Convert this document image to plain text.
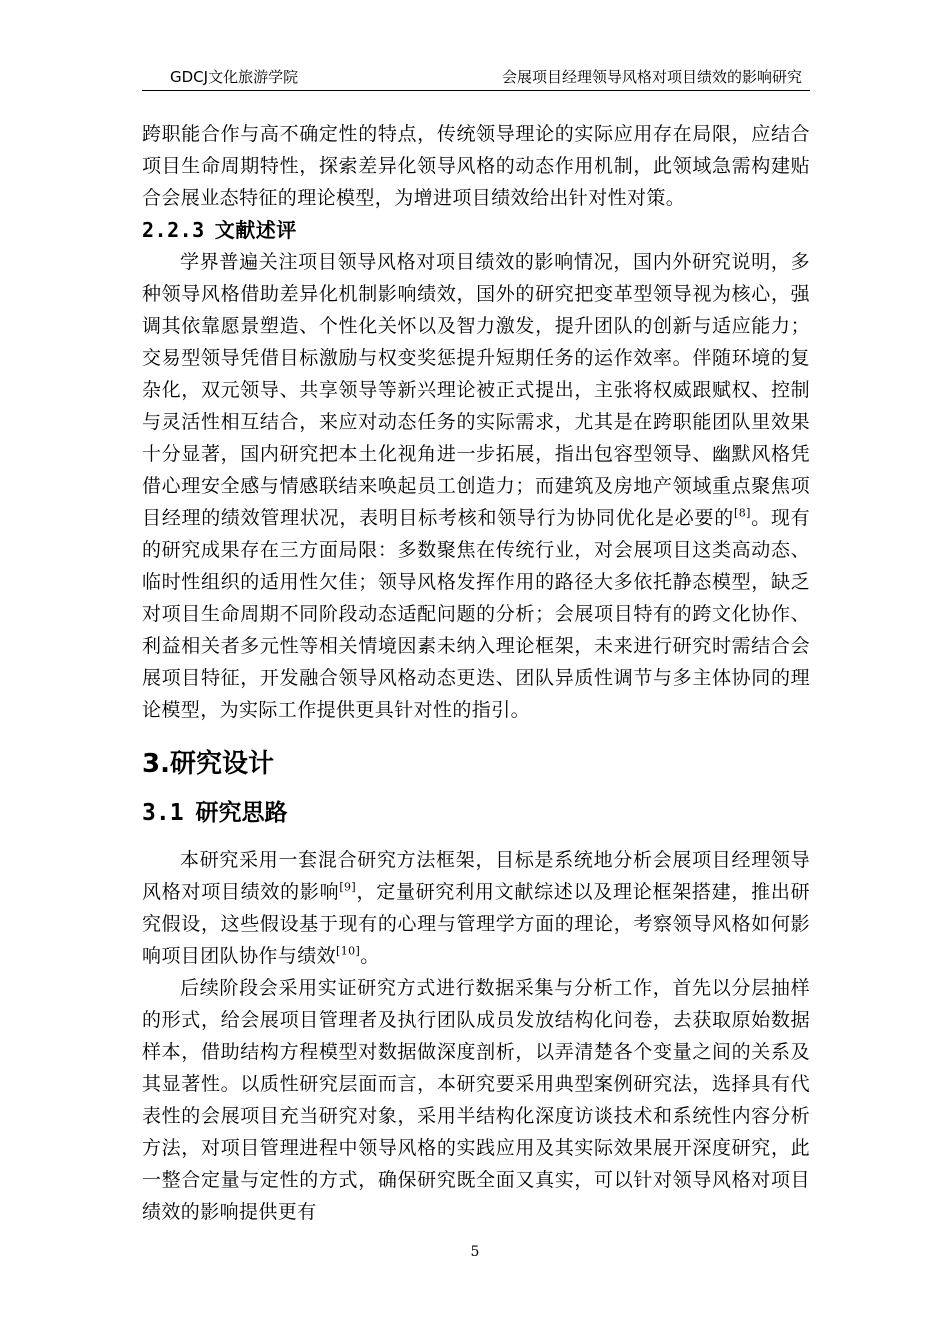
GDCJ文化旅游学院	会展项目经理领导风格对项目绩效的影响研究

跨职能合作与高不确定性的特点，传统领导理论的实际应用存在局限，应结合项目生命周期特性，探索差异化领导风格的动态作用机制，此领域急需构建贴合会展业态特征的理论模型，为增进项目绩效给出针对性对策。

2.2.3 文献述评

学界普遍关注项目领导风格对项目绩效的影响情况，国内外研究说明，多种领导风格借助差异化机制影响绩效，国外的研究把变革型领导视为核心，强调其依靠愿景塑造、个性化关怀以及智力激发，提升团队的创新与适应能力；交易型领导凭借目标激励与权变奖惩提升短期任务的运作效率。伴随环境的复杂化，双元领导、共享领导等新兴理论被正式提出，主张将权威跟赋权、控制与灵活性相互结合，来应对动态任务的实际需求，尤其是在跨职能团队里效果十分显著，国内研究把本土化视角进一步拓展，指出包容型领导、幽默风格凭借心理安全感与情感联结来唤起员工创造力；而建筑及房地产领域重点聚焦项目经理的绩效管理状况，表明目标考核和领导行为协同优化是必要的[8]。现有的研究成果存在三方面局限：多数聚焦在传统行业，对会展项目这类高动态、临时性组织的适用性欠佳；领导风格发挥作用的路径大多依托静态模型，缺乏对项目生命周期不同阶段动态适配问题的分析；会展项目特有的跨文化协作、利益相关者多元性等相关情境因素未纳入理论框架，未来进行研究时需结合会展项目特征，开发融合领导风格动态更迭、团队异质性调节与多主体协同的理论模型，为实际工作提供更具针对性的指引。

3.研究设计
3.1 研究思路

本研究采用一套混合研究方法框架，目标是系统地分析会展项目经理领导风格对项目绩效的影响[9]，定量研究利用文献综述以及理论框架搭建，推出研究假设，这些假设基于现有的心理与管理学方面的理论，考察领导风格如何影响项目团队协作与绩效[10]。

后续阶段会采用实证研究方式进行数据采集与分析工作，首先以分层抽样的形式，给会展项目管理者及执行团队成员发放结构化问卷，去获取原始数据样本，借助结构方程模型对数据做深度剖析，以弄清楚各个变量之间的关系及其显著性。以质性研究层面而言，本研究要采用典型案例研究法，选择具有代表性的会展项目充当研究对象，采用半结构化深度访谈技术和系统性内容分析方法，对项目管理进程中领导风格的实践应用及其实际效果展开深度研究，此一整合定量与定性的方式，确保研究既全面又真实，可以针对领导风格对项目绩效的影响提供更有

5
